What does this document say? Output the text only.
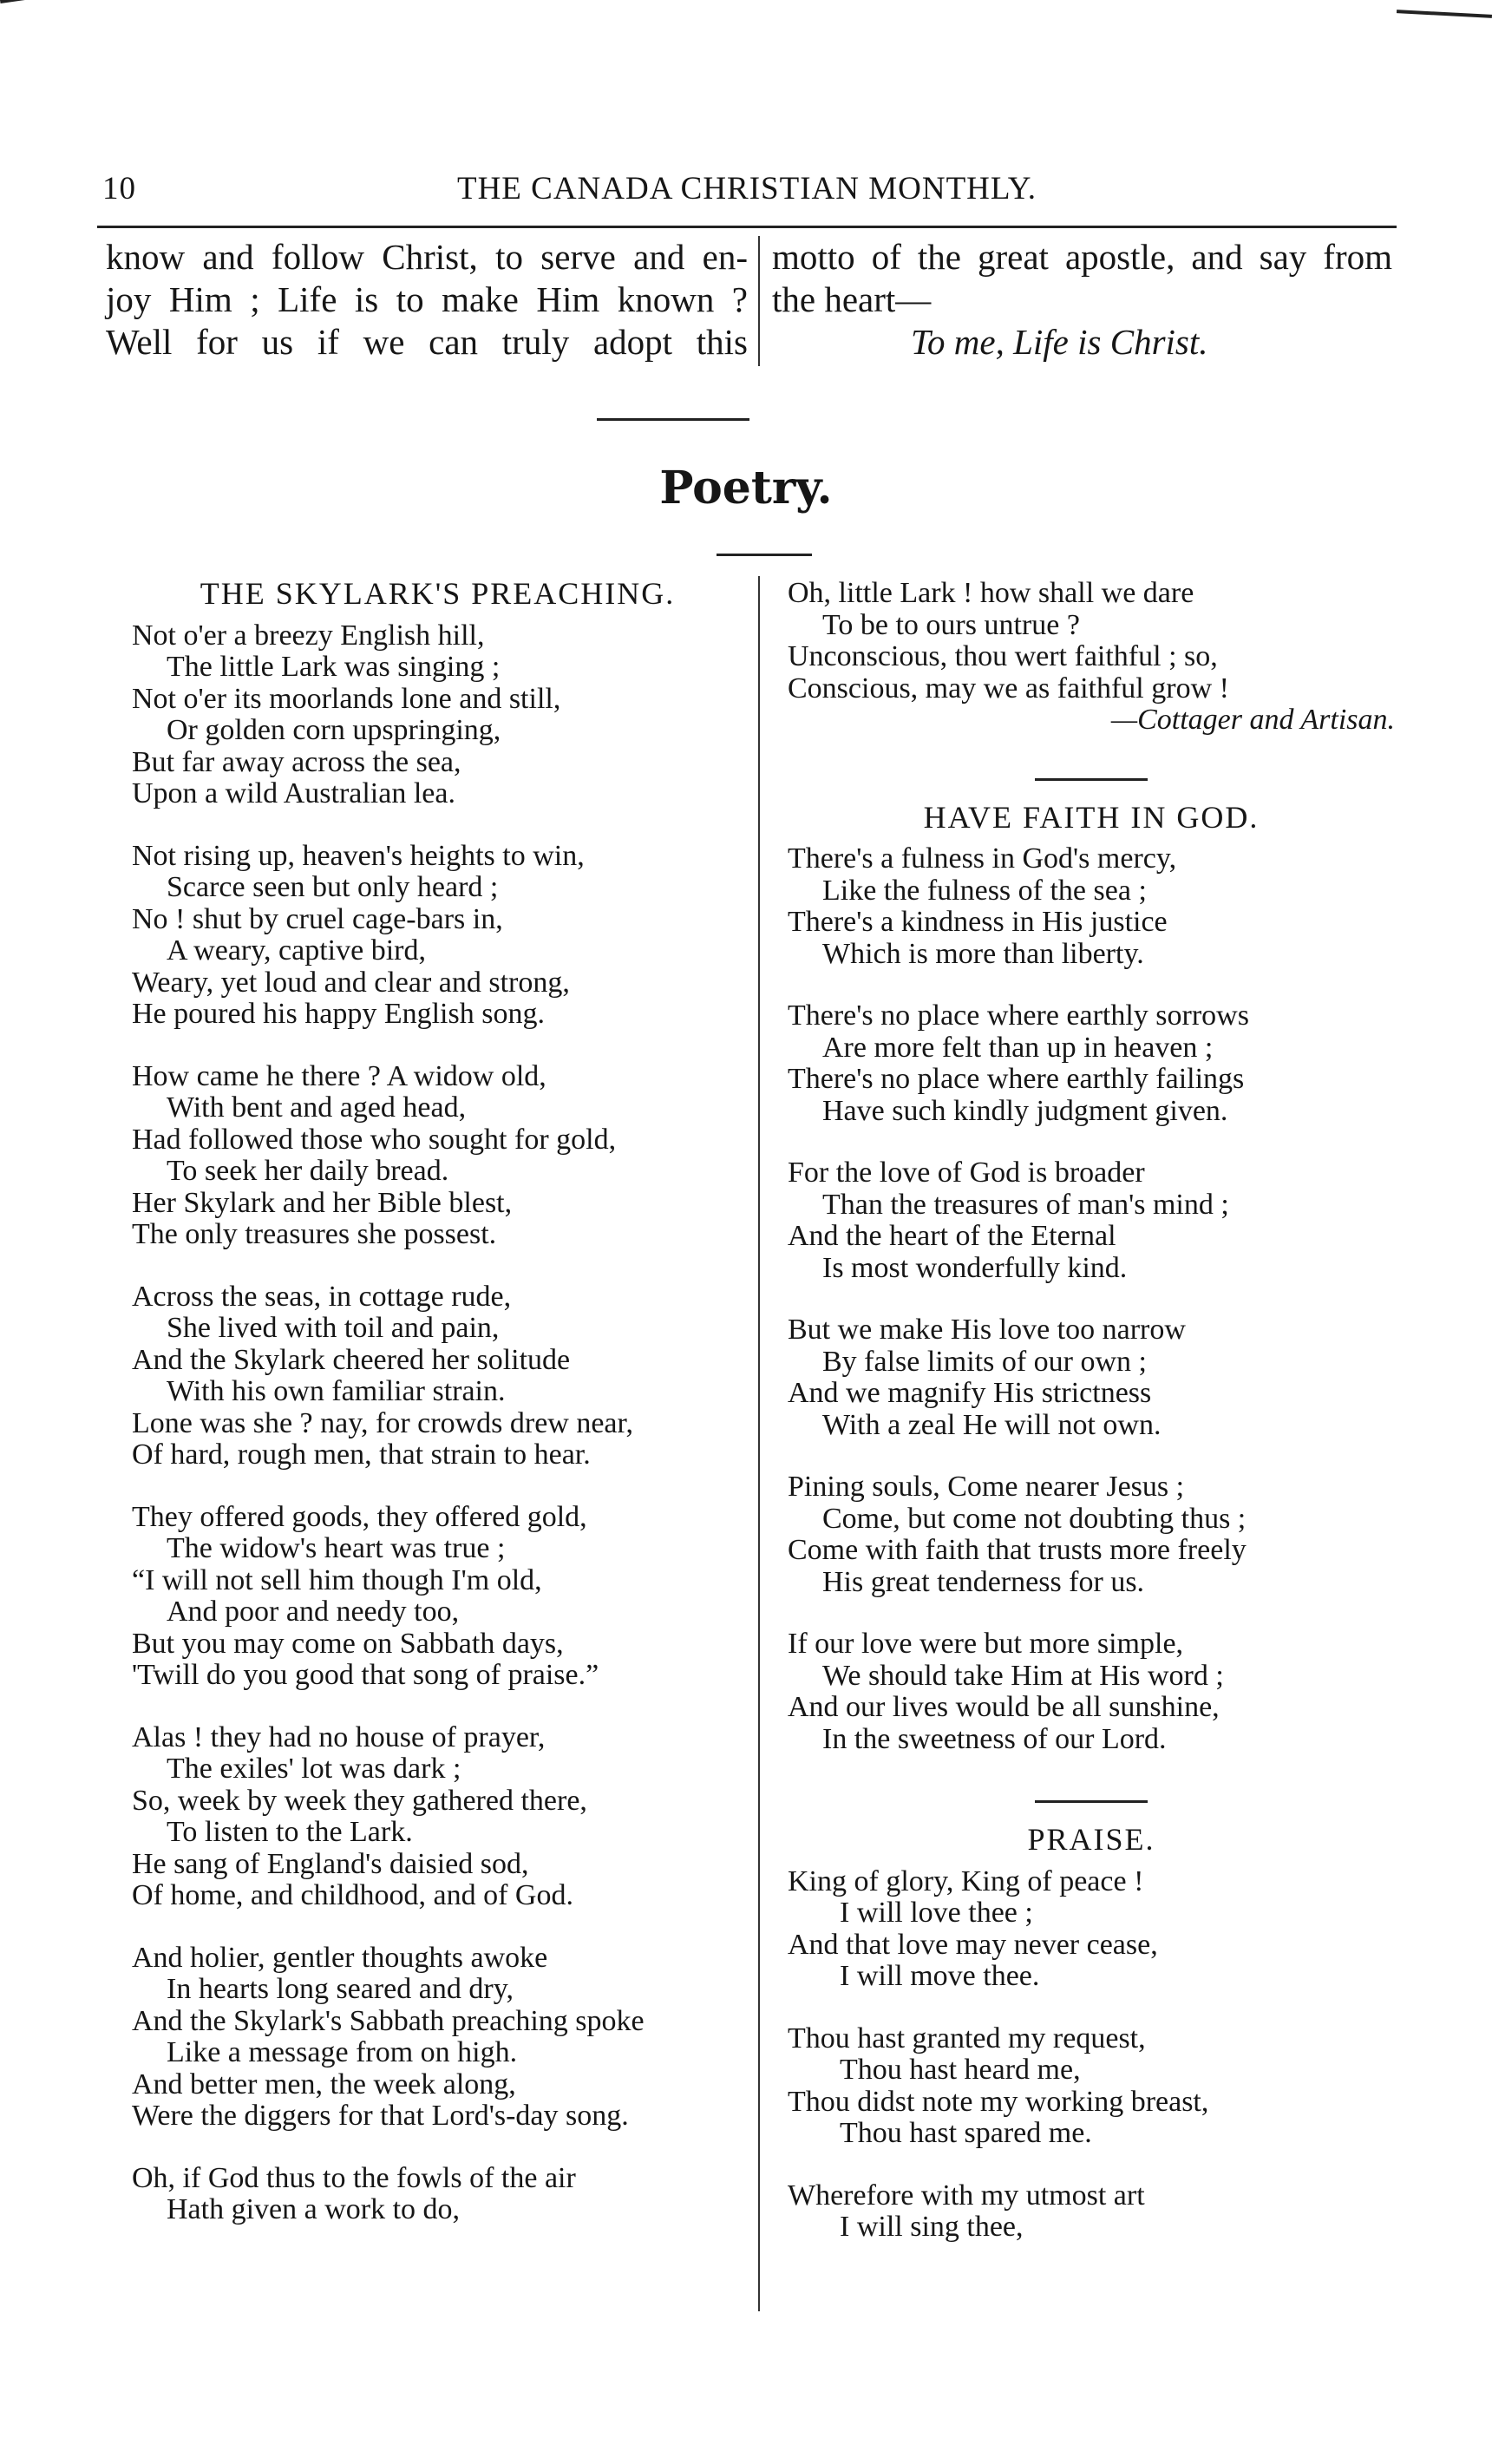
10	THE CANADA CHRISTIAN MONTHLY.
know and follow Christ, to serve and en-
joy Him ; Life is to make Him known ?
Well for us if we can truly adopt this
motto of the great apostle, and say from
the heart—
To me, Life is Christ.
Poetry.
THE SKYLARK'S PREACHING.
Not o'er a breezy English hill,
The little Lark was singing ;
Not o'er its moorlands lone and still,
Or golden corn upspringing,
But far away across the sea,
Upon a wild Australian lea.
Not rising up, heaven's heights to win,
Scarce seen but only heard ;
No ! shut by cruel cage-bars in,
A weary, captive bird,
Weary, yet loud and clear and strong,
He poured his happy English song.
How came he there ? A widow old,
With bent and aged head,
Had followed those who sought for gold,
To seek her daily bread.
Her Skylark and her Bible blest,
The only treasures she possest.
Across the seas, in cottage rude,
She lived with toil and pain,
And the Skylark cheered her solitude
With his own familiar strain.
Lone was she ? nay, for crowds drew near,
Of hard, rough men, that strain to hear.
They offered goods, they offered gold,
The widow's heart was true ;
“I will not sell him though I'm old,
And poor and needy too,
But you may come on Sabbath days,
'Twill do you good that song of praise.”
Alas ! they had no house of prayer,
The exiles' lot was dark ;
So, week by week they gathered there,
To listen to the Lark.
He sang of England's daisied sod,
Of home, and childhood, and of God.
And holier, gentler thoughts awoke
In hearts long seared and dry,
And the Skylark's Sabbath preaching spoke
Like a message from on high.
And better men, the week along,
Were the diggers for that Lord's-day song.
Oh, if God thus to the fowls of the air
Hath given a work to do,
Oh, little Lark ! how shall we dare
To be to ours untrue ?
Unconscious, thou wert faithful ; so,
Conscious, may we as faithful grow !
—Cottager and Artisan.
HAVE FAITH IN GOD.
There's a fulness in God's mercy,
Like the fulness of the sea ;
There's a kindness in His justice
Which is more than liberty.
There's no place where earthly sorrows
Are more felt than up in heaven ;
There's no place where earthly failings
Have such kindly judgment given.
For the love of God is broader
Than the treasures of man's mind ;
And the heart of the Eternal
Is most wonderfully kind.
But we make His love too narrow
By false limits of our own ;
And we magnify His strictness
With a zeal He will not own.
Pining souls, Come nearer Jesus ;
Come, but come not doubting thus ;
Come with faith that trusts more freely
His great tenderness for us.
If our love were but more simple,
We should take Him at His word ;
And our lives would be all sunshine,
In the sweetness of our Lord.
PRAISE.
King of glory, King of peace !
I will love thee ;
And that love may never cease,
I will move thee.
Thou hast granted my request,
Thou hast heard me,
Thou didst note my working breast,
Thou hast spared me.
Wherefore with my utmost art
I will sing thee,
